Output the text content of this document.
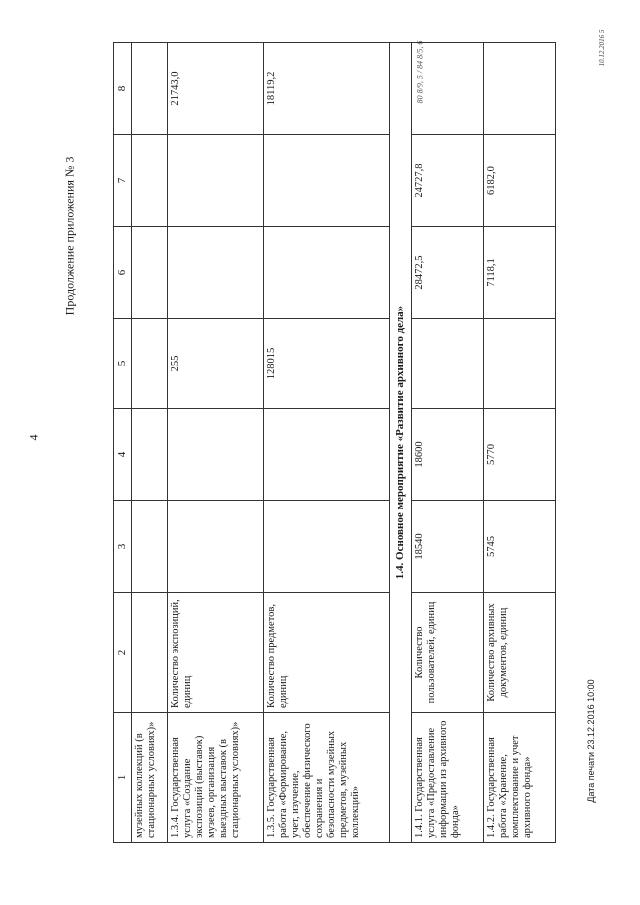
4
Продолжение приложения № 3
Дата печати 23.12.2016 10:00
10.12.2016 5
80 8/9, 5 / 84 8/5, 6
1	2	3	4	5	6	7	8
музейных коллекций (в стационарных условиях)»							
1.3.4. Государственная услуга «Создание экспозиций (выставок) музеев, организация выездных выставок (в стационарных условиях)»	Количество экспозиций, единиц			255			21743,0
1.3.5. Государственная работа «Формирование, учет, изучение, обеспечение физического сохранения и безопасности музейных предметов, музейных коллекций»	Количество предметов, единиц			128015			18119,2
1.4. Основное мероприятие «Развитие архивного дела»							
1.4.1. Государственная услуга «Предоставление информации из архивного фонда»	Количество пользователей, единиц	18540	18600		28472,5	24727,8	
1.4.2. Государственная работа «Хранение, комплектование и учет архивного фонда»	Количество архивных документов, единиц	5745	5770		7118,1	6182,0	
